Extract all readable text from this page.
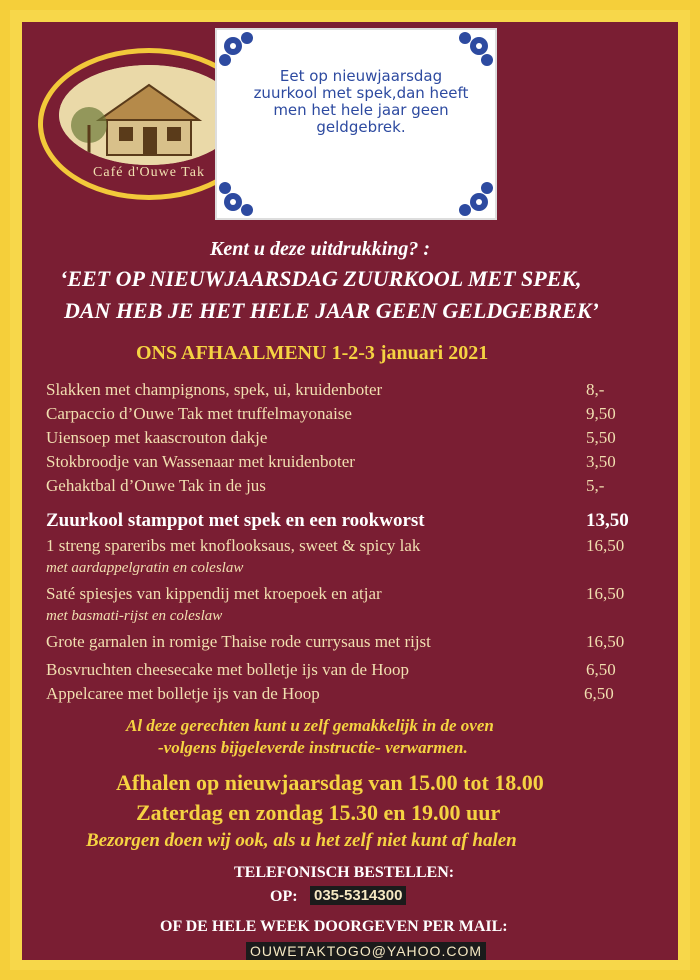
Café d'Ouwe Tak
Eet op nieuwjaarsdag zuurkool met spek,dan heeft men het hele jaar geen geldgebrek.
Kent u deze uitdrukking? :
‘EET OP NIEUWJAARSDAG ZUURKOOL MET SPEK,
DAN HEB JE HET HELE JAAR GEEN GELDGEBREK’
ONS AFHAALMENU 1-2-3 januari 2021
Slakken met champignons, spek, ui, kruidenboter	8,-
Carpaccio d’Ouwe Tak met truffelmayonaise	9,50
Uiensoep met kaascrouton dakje	5,50
Stokbroodje van Wassenaar met kruidenboter	3,50
Gehaktbal d’Ouwe Tak in de jus	5,-
Zuurkool stamppot met spek en een rookworst	13,50
1 streng spareribs met knoflooksaus, sweet & spicy lak	16,50
met aardappelgratin en coleslaw
Saté spiesjes van kippendij met kroepoek en atjar	16,50
met basmati-rijst en coleslaw
Grote garnalen in romige Thaise rode currysaus met rijst	16,50
Bosvruchten cheesecake met bolletje ijs van de Hoop	6,50
Appelcaree met bolletje ijs van de Hoop	6,50
Al deze gerechten kunt u zelf gemakkelijk in de oven
-volgens bijgeleverde instructie- verwarmen.
Afhalen op nieuwjaarsdag van 15.00 tot 18.00
Zaterdag en zondag 15.30 en 19.00 uur
Bezorgen doen wij ook, als u het zelf niet kunt af halen
TELEFONISCH BESTELLEN:
OP: 035-5314300
OF DE HELE WEEK DOORGEVEN PER MAIL:
OUWETAKTOGO@YAHOO.COM
